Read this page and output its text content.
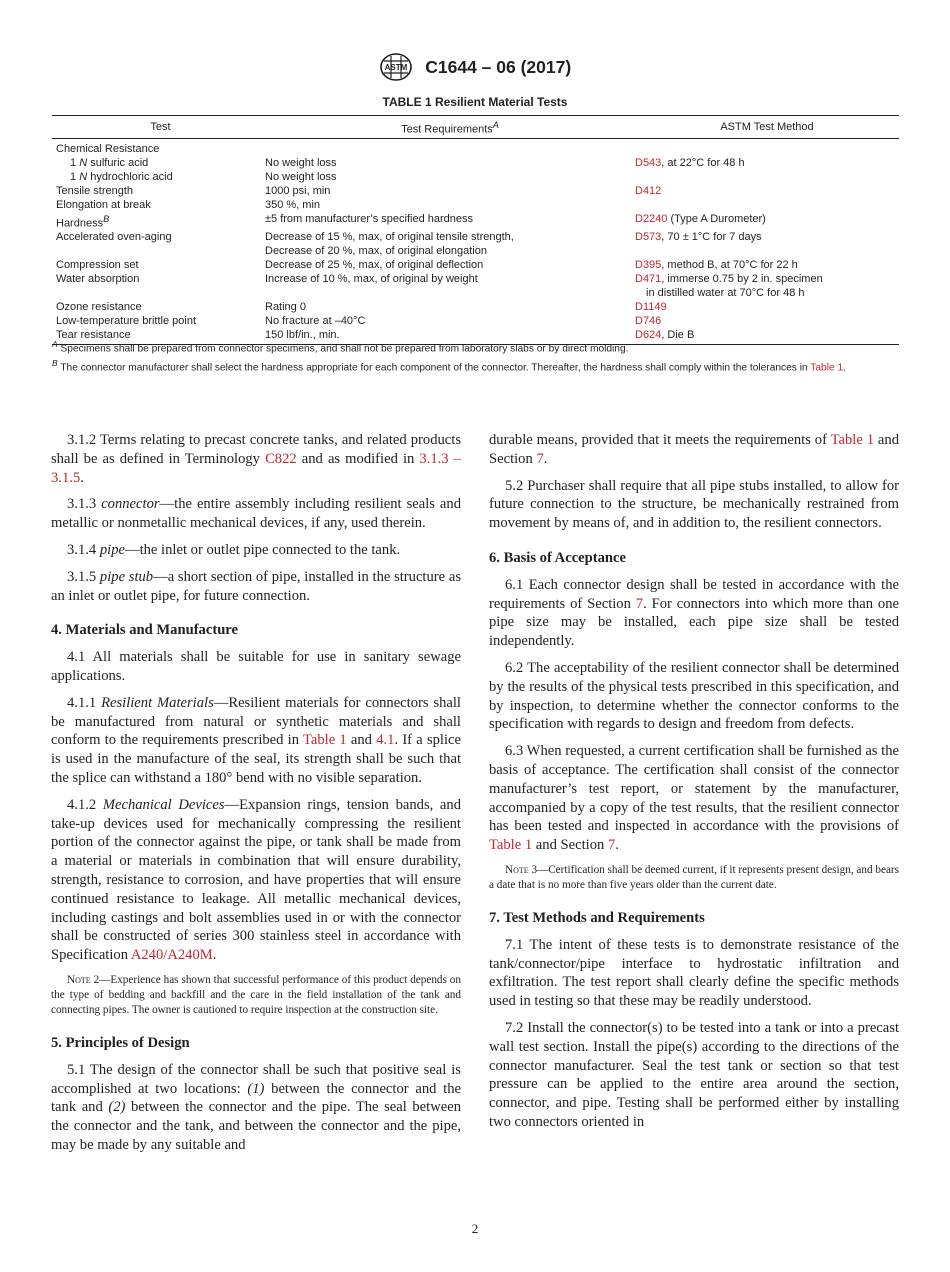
ASTM C1644 – 06 (2017)
TABLE 1 Resilient Material Tests
Test	Test Requirements$^A$	ASTM Test Method
Chemical Resistance		
1 N sulfuric acid	No weight loss	D543, at 22°C for 48 h
1 N hydrochloric acid	No weight loss	
Tensile strength	1000 psi, min	D412
Elongation at break	350 %, min	
Hardness$^B$	±5 from manufacturer’s specified hardness	D2240 (Type A Durometer)
Accelerated oven-aging	Decrease of 15 %, max, of original tensile strength,
Decrease of 20 %, max, of original elongation	D573, 70 ± 1°C for 7 days
Compression set	Decrease of 25 %, max, of original deflection	D395, method B, at 70°C for 22 h
Water absorption	Increase of 10 %, max, of original by weight	D471, immerse 0.75 by 2 in. specimen
in distilled water at 70°C for 48 h
Ozone resistance	Rating 0	D1149
Low-temperature brittle point	No fracture at –40°C	D746
Tear resistance	150 lbf/in., min.	D624, Die B

$^A$ Specimens shall be prepared from connector specimens, and shall not be prepared from laboratory slabs or by direct molding.

$^B$ The connector manufacturer shall select the hardness appropriate for each component of the connector. Thereafter, the hardness shall comply within the tolerances in Table 1.

3.1.2 Terms relating to precast concrete tanks, and related products shall be as defined in Terminology C822 and as modified in 3.1.3 – 3.1.5.

3.1.3 connector—the entire assembly including resilient seals and metallic or nonmetallic mechanical devices, if any, used therein.

3.1.4 pipe—the inlet or outlet pipe connected to the tank.

3.1.5 pipe stub—a short section of pipe, installed in the structure as an inlet or outlet pipe, for future connection.

4. Materials and Manufacture

4.1 All materials shall be suitable for use in sanitary sewage applications.

4.1.1 Resilient Materials—Resilient materials for connectors shall be manufactured from natural or synthetic materials and shall conform to the requirements prescribed in Table 1 and 4.1. If a splice is used in the manufacture of the seal, its strength shall be such that the splice can withstand a 180° bend with no visible separation.

4.1.2 Mechanical Devices—Expansion rings, tension bands, and take-up devices used for mechanically compressing the resilient portion of the connector against the pipe, or tank shall be made from a material or materials in combination that will ensure durability, strength, resistance to corrosion, and have properties that will ensure continued resistance to leakage. All metallic mechanical devices, including castings and bolt assemblies used in or with the connector shall be constructed of series 300 stainless steel in accordance with Specification A240/A240M.

Note 2—Experience has shown that successful performance of this product depends on the type of bedding and backfill and the care in the field installation of the tank and connecting pipes. The owner is cautioned to require inspection at the construction site.

5. Principles of Design

5.1 The design of the connector shall be such that positive seal is accomplished at two locations: (1) between the connector and the tank and (2) between the connector and the pipe. The seal between the connector and the tank, and between the connector and the pipe, may be made by any suitable and

durable means, provided that it meets the requirements of Table 1 and Section 7.

5.2 Purchaser shall require that all pipe stubs installed, to allow for future connection to the structure, be mechanically restrained from movement by means of, and in addition to, the resilient connectors.

6. Basis of Acceptance

6.1 Each connector design shall be tested in accordance with the requirements of Section 7. For connectors into which more than one pipe size may be installed, each pipe size shall be tested independently.

6.2 The acceptability of the resilient connector shall be determined by the results of the physical tests prescribed in this specification, and by inspection, to determine whether the connector conforms to the specification with regards to design and freedom from defects.

6.3 When requested, a current certification shall be furnished as the basis of acceptance. The certification shall consist of the connector manufacturer’s test report, or statement by the manufacturer, accompanied by a copy of the test results, that the resilient connector has been tested and inspected in accordance with the provisions of Table 1 and Section 7.

Note 3—Certification shall be deemed current, if it represents present design, and bears a date that is no more than five years older than the current date.

7. Test Methods and Requirements

7.1 The intent of these tests is to demonstrate resistance of the tank/connector/pipe interface to hydrostatic infiltration and exfiltration. The test report shall clearly define the specific methods used in testing so that these may be readily understood.

7.2 Install the connector(s) to be tested into a tank or into a precast wall test section. Install the pipe(s) according to the directions of the connector manufacturer. Seal the test tank or section so that test pressure can be applied to the entire area around the section, connector, and pipe. Testing shall be performed either by installing two connectors oriented in

2
